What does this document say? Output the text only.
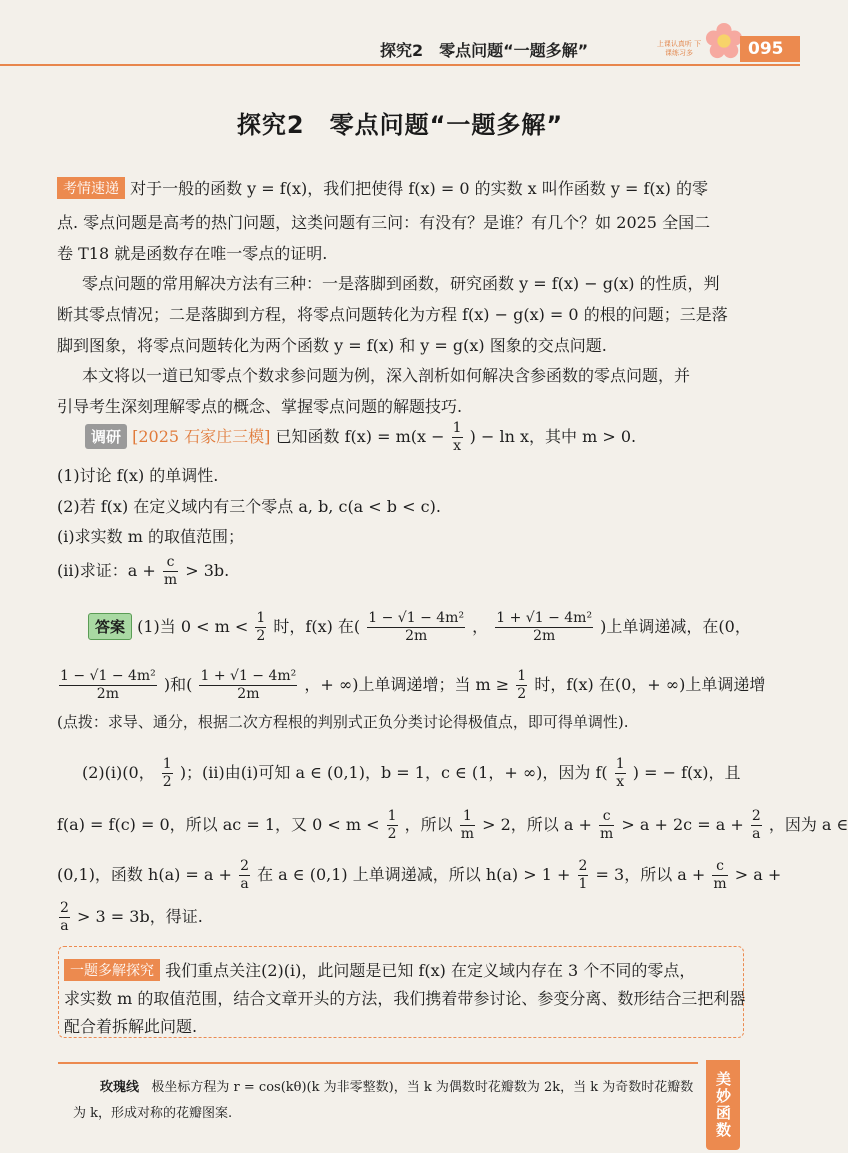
探究2　零点问题“一题多解”	上课认真听 下课练习多	095
探究2　零点问题“一题多解”
考情速递 对于一般的函数 y = f(x)，我们把使得 f(x) = 0 的实数 x 叫作函数 y = f(x) 的零
点. 零点问题是高考的热门问题，这类问题有三问：有没有？是谁？有几个？如 2025 全国二
卷 T18 就是函数存在唯一零点的证明.
零点问题的常用解决方法有三种：一是落脚到函数，研究函数 y = f(x) − g(x) 的性质，判
断其零点情况；二是落脚到方程，将零点问题转化为方程 f(x) − g(x) = 0 的根的问题；三是落
脚到图象，将零点问题转化为两个函数 y = f(x) 和 y = g(x) 图象的交点问题.
本文将以一道已知零点个数求参问题为例，深入剖析如何解决含参函数的零点问题，并
引导考生深刻理解零点的概念、掌握零点问题的解题技巧.
调研 [2025 石家庄三模] 已知函数 $f(x) = m(x - \frac{1}{x}$ ) − ln x，其中 m > 0.
(1)讨论 f(x) 的单调性.
(2)若 f(x) 在定义域内有三个零点 a, b, c(a < b < c).
(i)求实数 m 的取值范围；
(ii)求证：$a + \frac{c}{m} > 3b$.
答案 (1)当 $0 < m < \frac{1}{2}$ 时，f(x) 在( $\frac{\text{1 − √1 − 4m²}}{2m}$ ， $\frac{\text{1 + √1 − 4m²}}{2m}$ )上单调递减，在(0，
$\frac{\text{1 − √1 − 4m²}}{2m}$ )和( $\frac{\text{1 + √1 − 4m²}}{2m}$ ，+ ∞)上单调递增；当 $m \ge \frac{1}{2}$ 时，f(x) 在(0，+ ∞)上单调递增
(点拨：求导、通分，根据二次方程根的判别式正负分类讨论得极值点，即可得单调性).
(2)(i)(0， $\frac{1}{2}$ )；(ii)由(i)可知 a ∈ (0,1)，b = 1，c ∈ (1，+ ∞)，因为 $f( \frac{1}{x}$ ) = − f(x)，且
f(a) = f(c) = 0，所以 ac = 1，又 $0 < m < \frac{1}{2}$ ，所以 $\frac{1}{m} > 2$，所以 $a + \frac{c}{m} > a + 2c = a + \frac{2}{a}$ ，因为 a ∈
(0,1)，函数 $h(a) = a + \frac{2}{a}$ 在 a ∈ (0,1) 上单调递减，所以 $h(a) > 1 + \frac{2}{1} = 3$，所以 $a + \frac{c}{m} > a$ +
$\frac{2}{a} > 3 = 3b$，得证.
一题多解探究 我们重点关注(2)(i)，此问题是已知 f(x) 在定义域内存在 3 个不同的零点，
求实数 m 的取值范围，结合文章开头的方法，我们携着带参讨论、参变分离、数形结合三把利器
配合着拆解此问题.
玫瑰线 极坐标方程为 r = cos(kθ)(k 为非零整数)，当 k 为偶数时花瓣数为 2k，当 k 为奇数时花瓣数
为 k，形成对称的花瓣图案.	美妙函数
